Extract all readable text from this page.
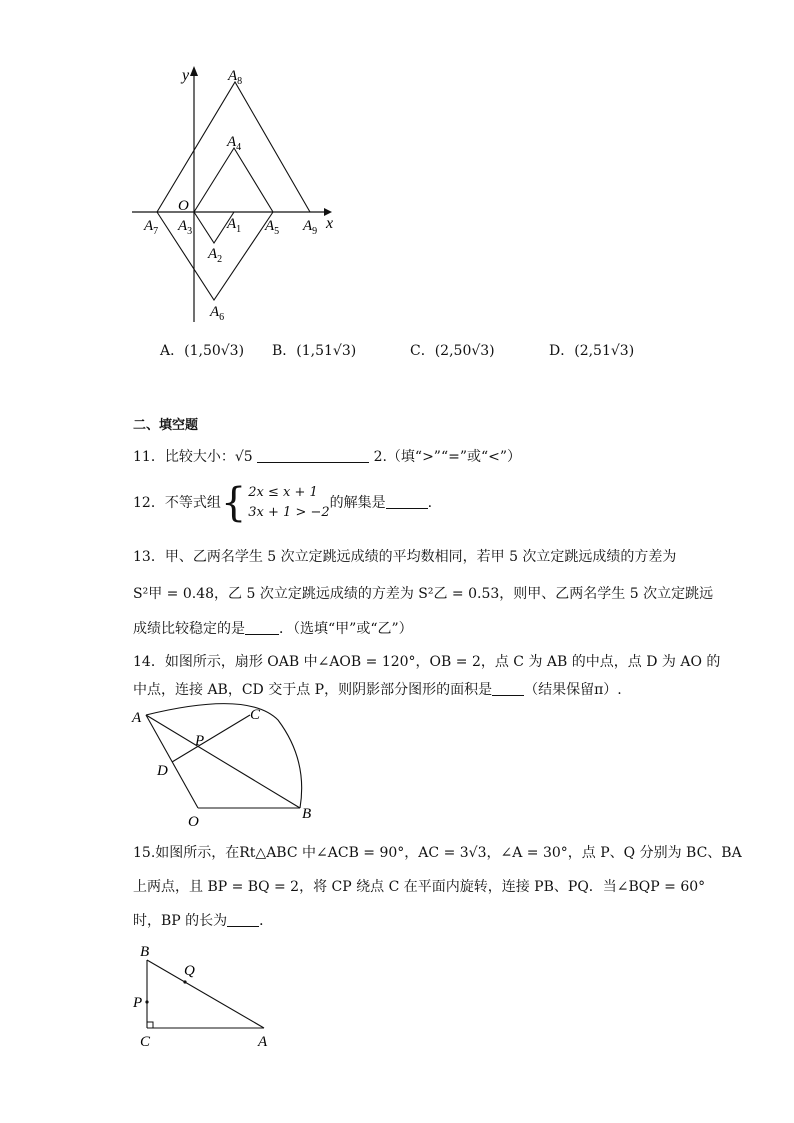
y
x
O
$A_8$
$A_4$
$A_7$ $A_3$ $A_1$ $A_5$ $A_9$
$A_2$
$A_6$
A．(1,50√3) B．(1,51√3)	C．(2,50√3)	D．(2,51√3)
二、填空题
11．比较大小：√5	2.（填“>”“=”或“<”）
12．不等式组{ 2x ≤ x + 1
3x + 1 > −2的解集是	.
13．甲、乙两名学生 5 次立定跳远成绩的平均数相同，若甲 5 次立定跳远成绩的方差为
S²甲 = 0.48，乙 5 次立定跳远成绩的方差为 S²乙 = 0.53，则甲、乙两名学生 5 次立定跳远
成绩比较稳定的是 ．（选填“甲”或“乙”）
14．如图所示，扇形 OAB 中∠AOB = 120°，OB = 2，点 C 为 AB 的中点，点 D 为 AO 的
中点，连接 AB，CD 交于点 P，则阴影部分图形的面积是 （结果保留π）.
A	C
P
D
O	B
15.如图所示，在Rt△ABC 中∠ACB = 90°，AC = 3√3，∠A = 30°，点 P、Q 分别为 BC、BA
上两点，且 BP = BQ = 2，将 CP 绕点 C 在平面内旋转，连接 PB、PQ．当∠BQP = 60°
时，BP 的长为 ．
B
Q
P
C	A
